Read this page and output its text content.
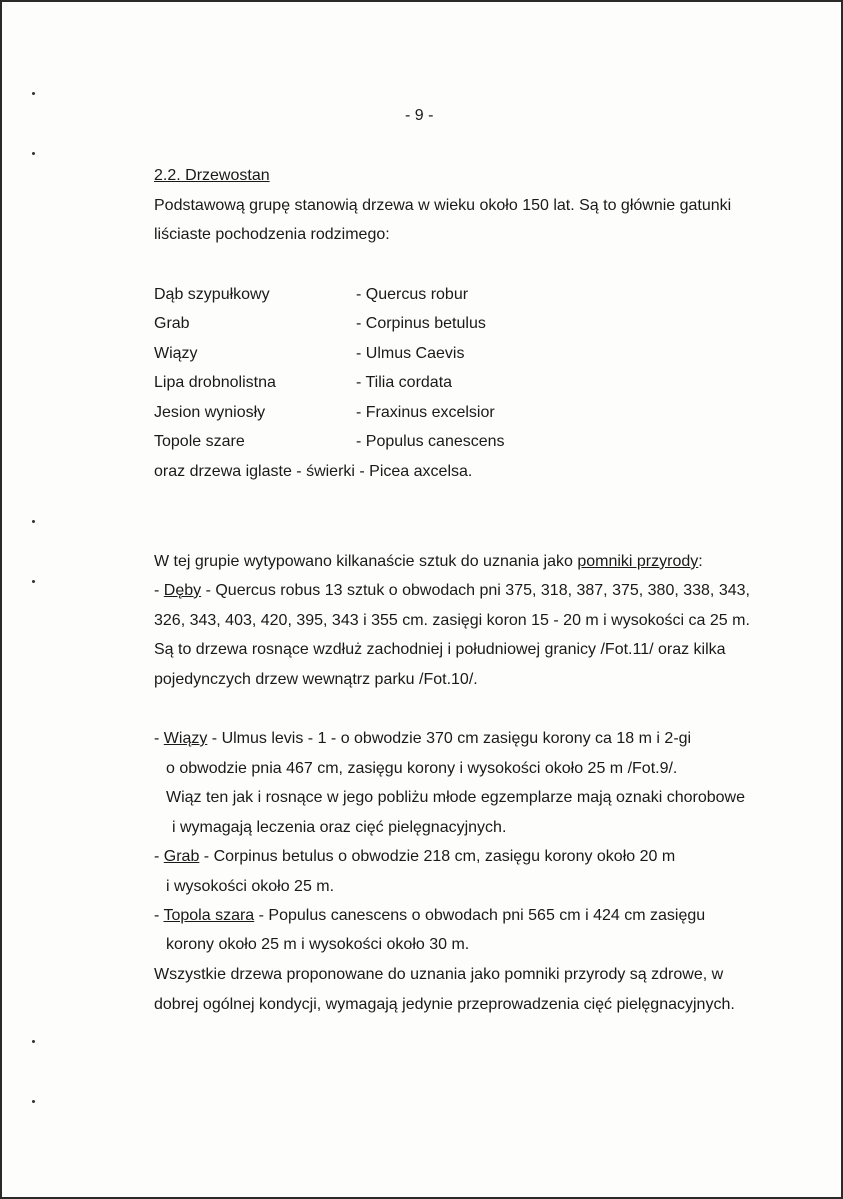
- 9 -
2.2. Drzewostan
Podstawową grupę stanowią drzewa w wieku około 150 lat. Są to głównie gatunki
liściaste pochodzenia rodzimego:
Dąb szypułkowy	- Quercus robur
Grab	- Corpinus betulus
Wiązy	- Ulmus Caevis
Lipa drobnolistna	- Tilia cordata
Jesion wyniosły	- Fraxinus excelsior
Topole szare	- Populus canescens
oraz drzewa iglaste - świerki - Picea axcelsa.
W tej grupie wytypowano kilkanaście sztuk do uznania jako pomniki przyrody:
- Dęby - Quercus robus 13 sztuk o obwodach pni 375, 318, 387, 375, 380, 338, 343,
326, 343, 403, 420, 395, 343 i 355 cm. zasięgi koron 15 - 20 m i wysokości ca 25 m.
Są to drzewa rosnące wzdłuż zachodniej i południowej granicy /Fot.11/ oraz kilka
pojedynczych drzew wewnątrz parku /Fot.10/.
- Wiązy - Ulmus levis - 1 - o obwodzie 370 cm zasięgu korony ca 18 m i 2-gi
o obwodzie pnia 467 cm, zasięgu korony i wysokości około 25 m /Fot.9/.
Wiąz ten jak i rosnące w jego pobliżu młode egzemplarze mają oznaki chorobowe
i wymagają leczenia oraz cięć pielęgnacyjnych.
- Grab - Corpinus betulus o obwodzie 218 cm, zasięgu korony około 20 m
i wysokości około 25 m.
- Topola szara - Populus canescens o obwodach pni 565 cm i 424 cm zasięgu
korony około 25 m i wysokości około 30 m.
Wszystkie drzewa proponowane do uznania jako pomniki przyrody są zdrowe, w
dobrej ogólnej kondycji, wymagają jedynie przeprowadzenia cięć pielęgnacyjnych.
